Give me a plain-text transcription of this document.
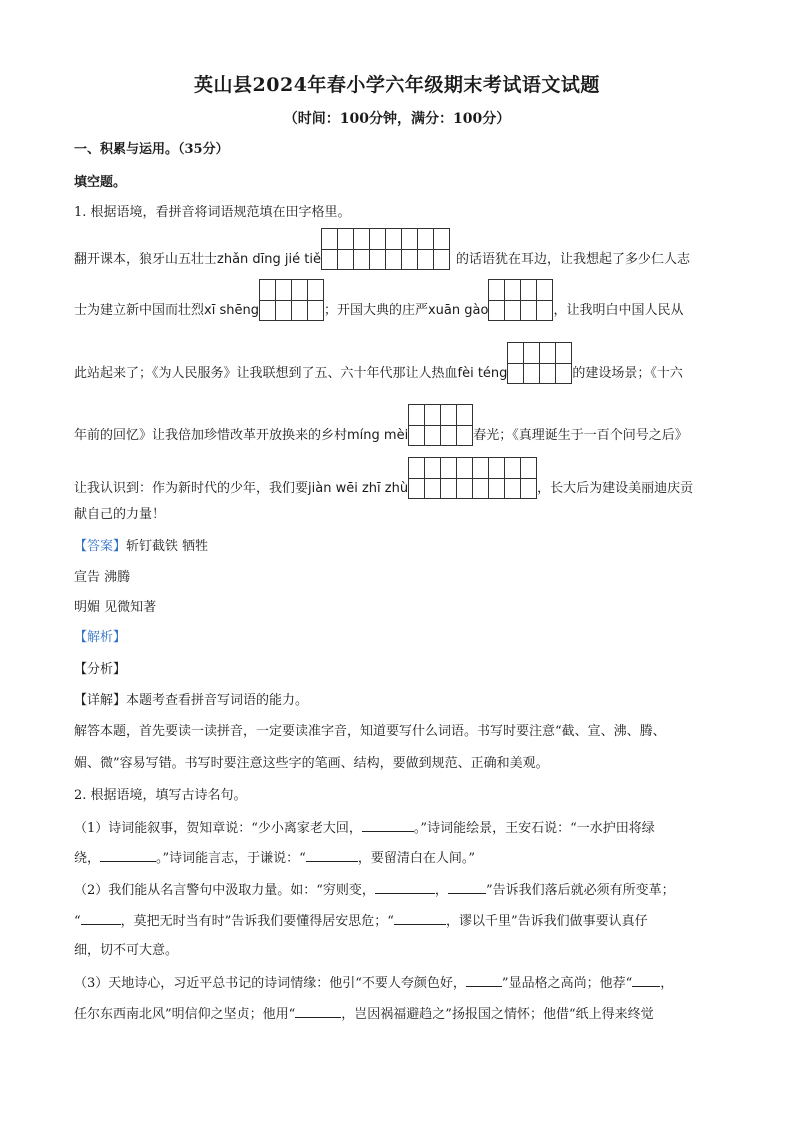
英山县2024年春小学六年级期末考试语文试题
（时间：100分钟，满分：100分）
一、积累与运用。（35分）
填空题。
1. 根据语境，看拼音将词语规范填在田字格里。
翻开课本，狼牙山五壮士zhǎn dīng jié tiě	的话语犹在耳边，让我想起了多少仁人志
士为建立新中国而壮烈xī shēng	；开国大典的庄严xuān gào	，让我明白中国人民从
此站起来了；《为人民服务》让我联想到了五、六十年代那让人热血fèi téng	的建设场景；《十六
年前的回忆》让我倍加珍惜改革开放换来的乡村míng mèi	春光；《真理诞生于一百个问号之后》
让我认识到：作为新时代的少年，我们要jiàn wēi zhī zhù	，长大后为建设美丽迪庆贡
献自己的力量！
【答案】斩钉截铁 牺牲
宣告 沸腾
明媚 见微知著
【解析】
【分析】
【详解】本题考查看拼音写词语的能力。
解答本题，首先要读一读拼音，一定要读准字音，知道要写什么词语。书写时要注意“截、宣、沸、腾、
媚、微”容易写错。书写时要注意这些字的笔画、结构，要做到规范、正确和美观。
2. 根据语境，填写古诗名句。
（1）诗词能叙事，贺知章说：“少小离家老大回，	。”诗词能绘景，王安石说：“一水护田将绿
绕，	。”诗词能言志，于谦说：“	，要留清白在人间。”
（2）我们能从名言警句中汲取力量。如：“穷则变，	，	”告诉我们落后就必须有所变革；
“	，莫把无时当有时”告诉我们要懂得居安思危；“	，谬以千里”告诉我们做事要认真仔
细，切不可大意。
（3）天地诗心，习近平总书记的诗词情缘：他引“不要人夸颜色好，	”显品格之高尚；他荐“ ，
任尔东西南北风”明信仰之坚贞；他用“	，岂因祸福避趋之”扬报国之情怀；他借“纸上得来终觉
